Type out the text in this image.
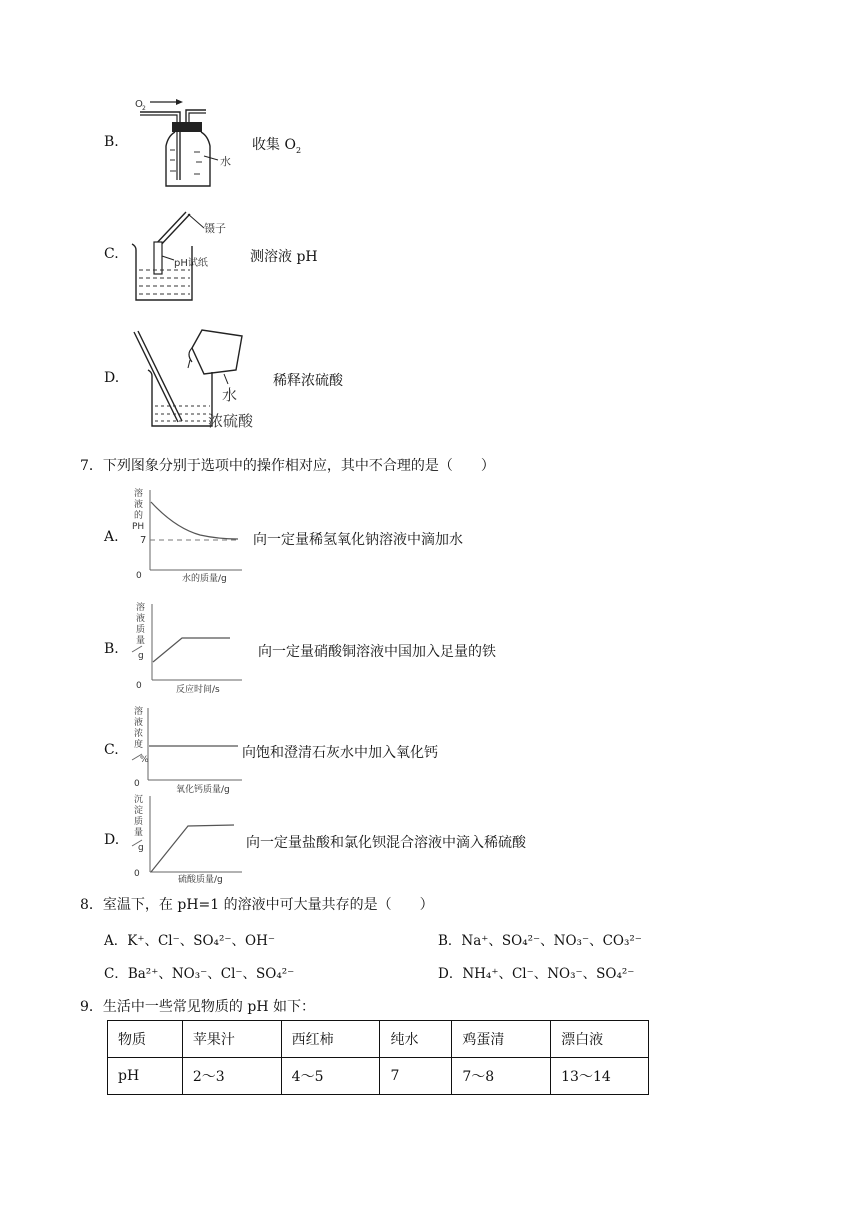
B.
O 2
水
收集 $O_2$
C.
镊子
pH试纸	测溶液 pH
D.
水
浓硫酸
稀释浓硫酸
7．下列图象分别于选项中的操作相对应，其中不合理的是（　　）
A.
溶
液
的
PH
7
0	水的质量/g
向一定量稀氢氧化钠溶液中滴加水
B.
溶
液
质
量
g
0	反应时间/s
向一定量硝酸铜溶液中国加入足量的铁
C.
溶
液
浓
度
%
0
氧化钙质量/g
向饱和澄清石灰水中加入氧化钙
D.
沉
淀
质
量
g
0
硫酸质量/g
向一定量盐酸和氯化钡混合溶液中滴入稀硫酸
8．室温下，在 pH=1 的溶液中可大量共存的是（　　）
A．K⁺、Cl⁻、SO₄²⁻、OH⁻	B．Na⁺、SO₄²⁻、NO₃⁻、CO₃²⁻
C．Ba²⁺、NO₃⁻、Cl⁻、SO₄²⁻	D．NH₄⁺、Cl⁻、NO₃⁻、SO₄²⁻
9．生活中一些常见物质的 pH 如下：
物质	苹果汁	西红柿	纯水	鸡蛋清	漂白液
pH	2～3	4～5	7	7～8	13～14
